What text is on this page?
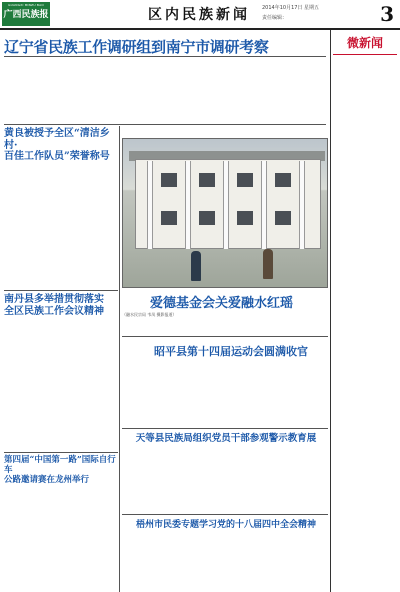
GUANGXI MINZU BAO
广西民族报	区内民族新闻 2014年10月17日 星期五
责任编辑：	3
辽宁省民族工作调研组到南宁市调研考察

黄良被授予全区“清洁乡村·
百佳工作队员”荣誉称号

南丹县多举措贯彻落实
全区民族工作会议精神

第四届“中国第一路”国际自行车
公路邀请赛在龙州举行

爱德基金会关爱融水红瑶
（融水民宗局 韦凤 摄影报道）
昭平县第十四届运动会圆满收官

天等县民族局组织党员干部参观警示教育展

梧州市民委专题学习党的十八届四中全会精神

微新闻
